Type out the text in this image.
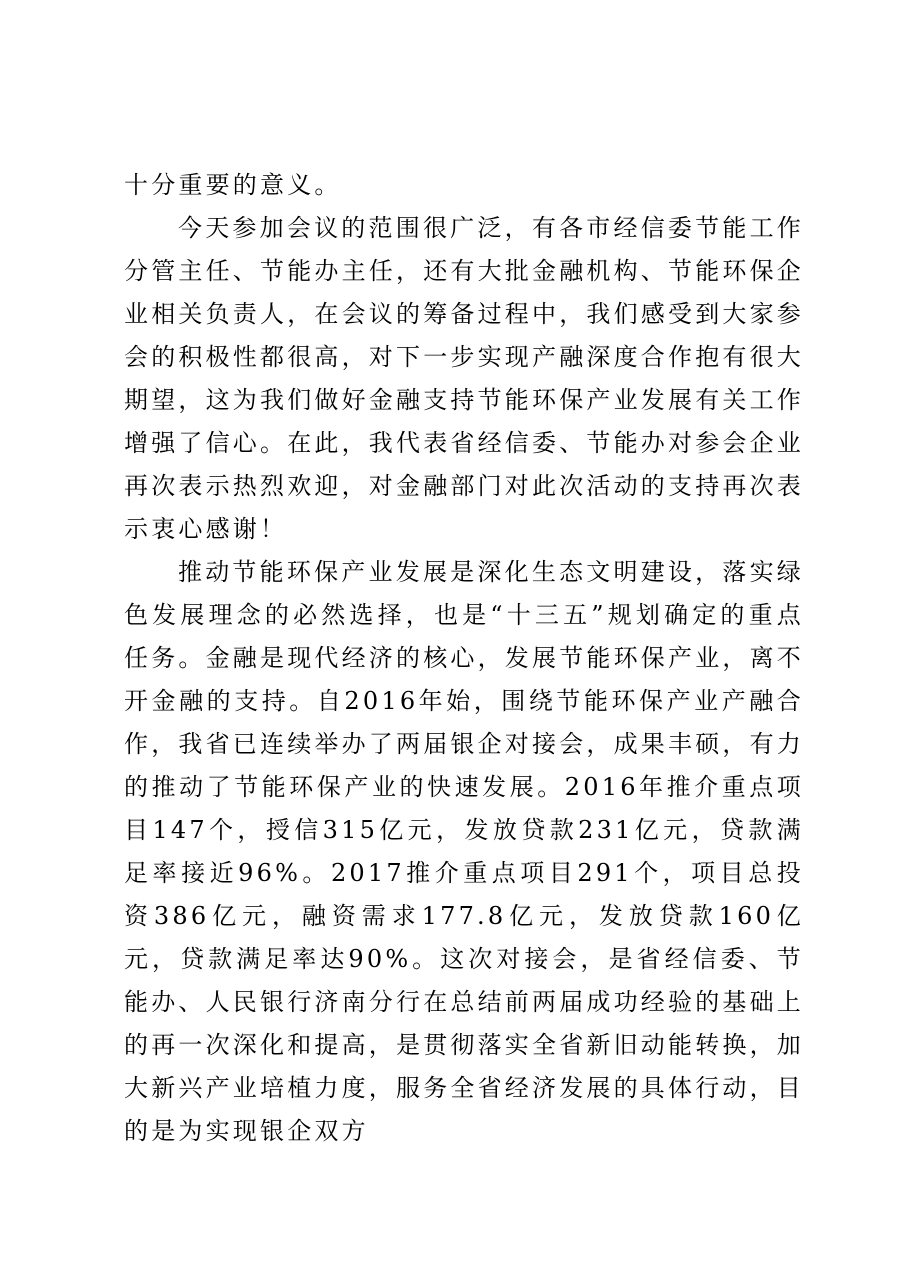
十分重要的意义。

今天参加会议的范围很广泛，有各市经信委节能工作分管主任、节能办主任，还有大批金融机构、节能环保企业相关负责人，在会议的筹备过程中，我们感受到大家参会的积极性都很高，对下一步实现产融深度合作抱有很大期望，这为我们做好金融支持节能环保产业发展有关工作增强了信心。在此，我代表省经信委、节能办对参会企业再次表示热烈欢迎，对金融部门对此次活动的支持再次表示衷心感谢！

推动节能环保产业发展是深化生态文明建设，落实绿色发展理念的必然选择，也是“十三五”规划确定的重点任务。金融是现代经济的核心，发展节能环保产业，离不开金融的支持。自2016年始，围绕节能环保产业产融合作，我省已连续举办了两届银企对接会，成果丰硕，有力的推动了节能环保产业的快速发展。2016年推介重点项目147个，授信315亿元，发放贷款231亿元，贷款满足率接近96%。2017推介重点项目291个，项目总投资386亿元，融资需求177.8亿元，发放贷款160亿元，贷款满足率达90%。这次对接会，是省经信委、节能办、人民银行济南分行在总结前两届成功经验的基础上的再一次深化和提高，是贯彻落实全省新旧动能转换，加大新兴产业培植力度，服务全省经济发展的具体行动，目的是为实现银企双方
